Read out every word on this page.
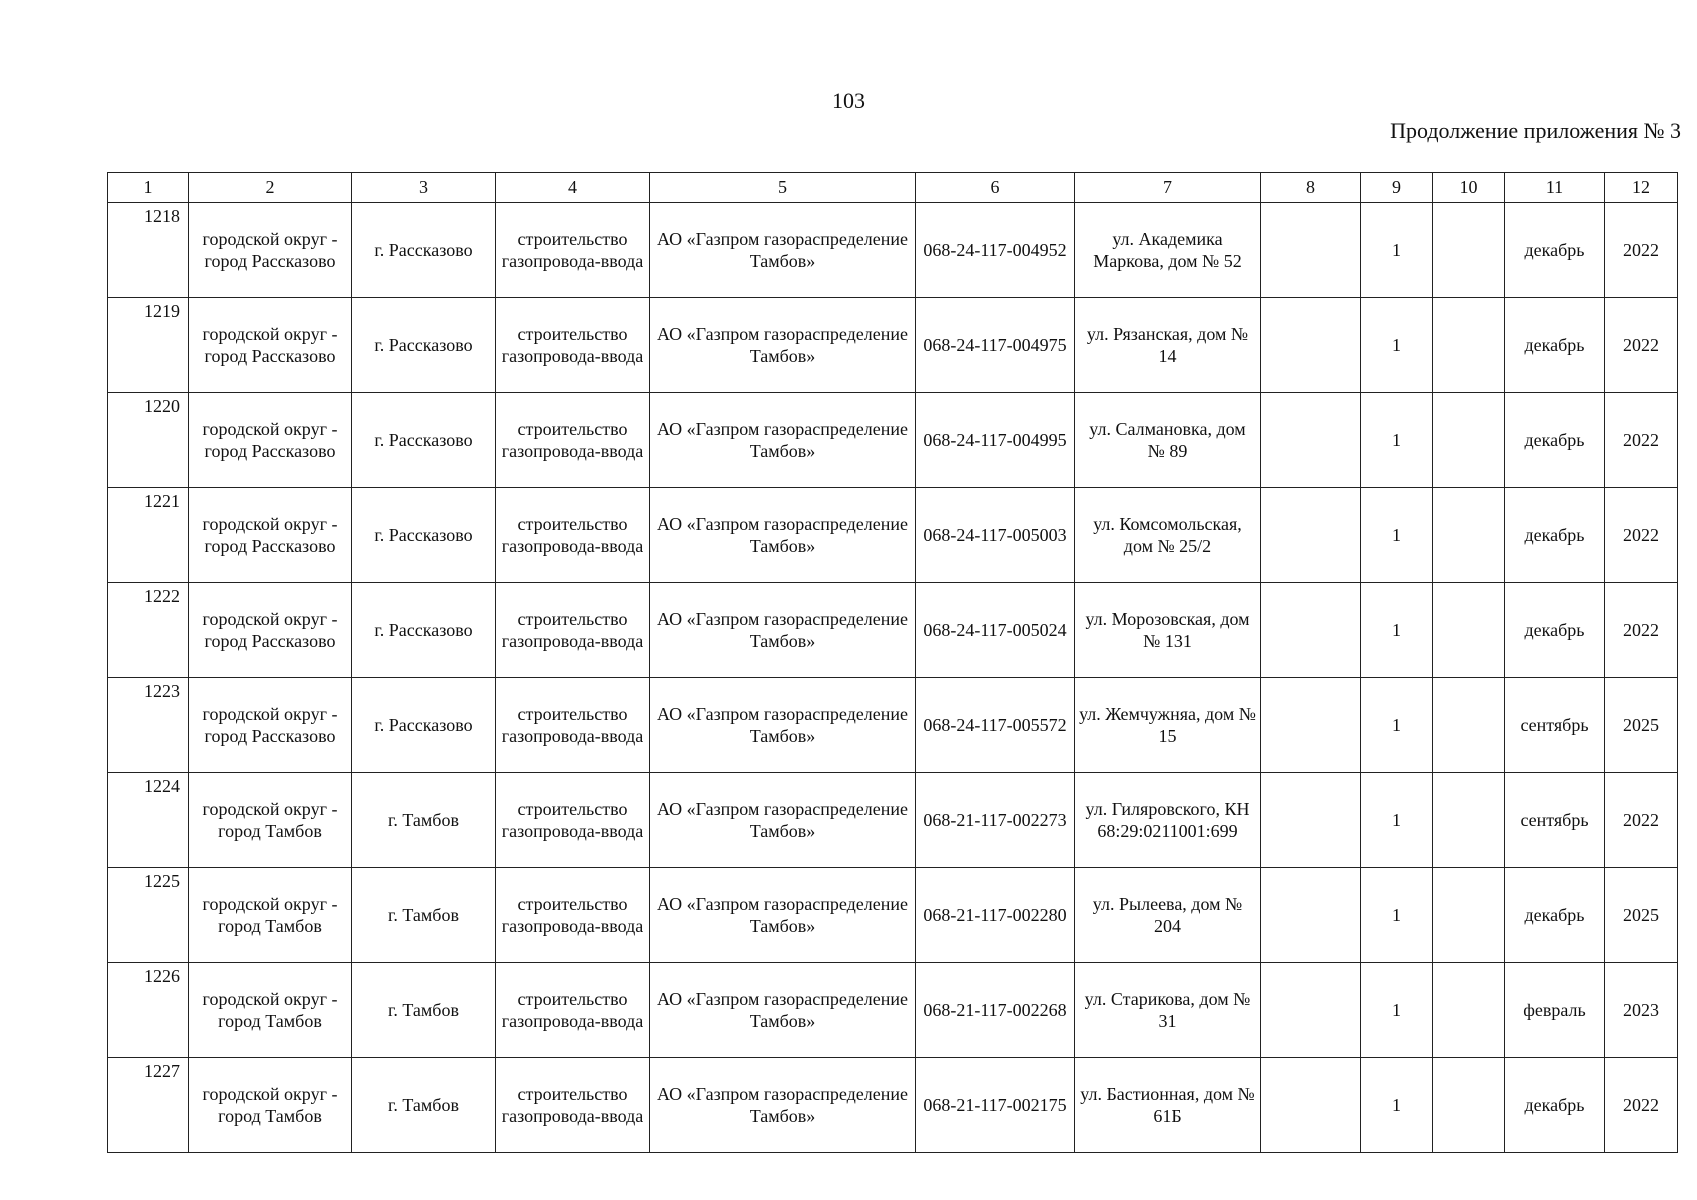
103
Продолжение приложения № 3
1	2	3	4	5	6	7	8	9	10	11	12
1218	городской округ - город Рассказово	г. Рассказово	строительство газопровода-ввода	АО «Газпром газораспределение Тамбов»	068-24-117-004952	ул. Академика Маркова, дом № 52		1		декабрь	2022
1219	городской округ - город Рассказово	г. Рассказово	строительство газопровода-ввода	АО «Газпром газораспределение Тамбов»	068-24-117-004975	ул. Рязанская, дом № 14		1		декабрь	2022
1220	городской округ - город Рассказово	г. Рассказово	строительство газопровода-ввода	АО «Газпром газораспределение Тамбов»	068-24-117-004995	ул. Салмановка, дом № 89		1		декабрь	2022
1221	городской округ - город Рассказово	г. Рассказово	строительство газопровода-ввода	АО «Газпром газораспределение Тамбов»	068-24-117-005003	ул. Комсомольская, дом № 25/2		1		декабрь	2022
1222	городской округ - город Рассказово	г. Рассказово	строительство газопровода-ввода	АО «Газпром газораспределение Тамбов»	068-24-117-005024	ул. Морозовская, дом № 131		1		декабрь	2022
1223	городской округ - город Рассказово	г. Рассказово	строительство газопровода-ввода	АО «Газпром газораспределение Тамбов»	068-24-117-005572	ул. Жемчужняа, дом № 15		1		сентябрь	2025
1224	городской округ - город Тамбов	г. Тамбов	строительство газопровода-ввода	АО «Газпром газораспределение Тамбов»	068-21-117-002273	ул. Гиляровского, КН 68:29:0211001:699		1		сентябрь	2022
1225	городской округ - город Тамбов	г. Тамбов	строительство газопровода-ввода	АО «Газпром газораспределение Тамбов»	068-21-117-002280	ул. Рылеева, дом № 204		1		декабрь	2025
1226	городской округ - город Тамбов	г. Тамбов	строительство газопровода-ввода	АО «Газпром газораспределение Тамбов»	068-21-117-002268	ул. Старикова, дом № 31		1		февраль	2023
1227	городской округ - город Тамбов	г. Тамбов	строительство газопровода-ввода	АО «Газпром газораспределение Тамбов»	068-21-117-002175	ул. Бастионная, дом № 61Б		1		декабрь	2022
